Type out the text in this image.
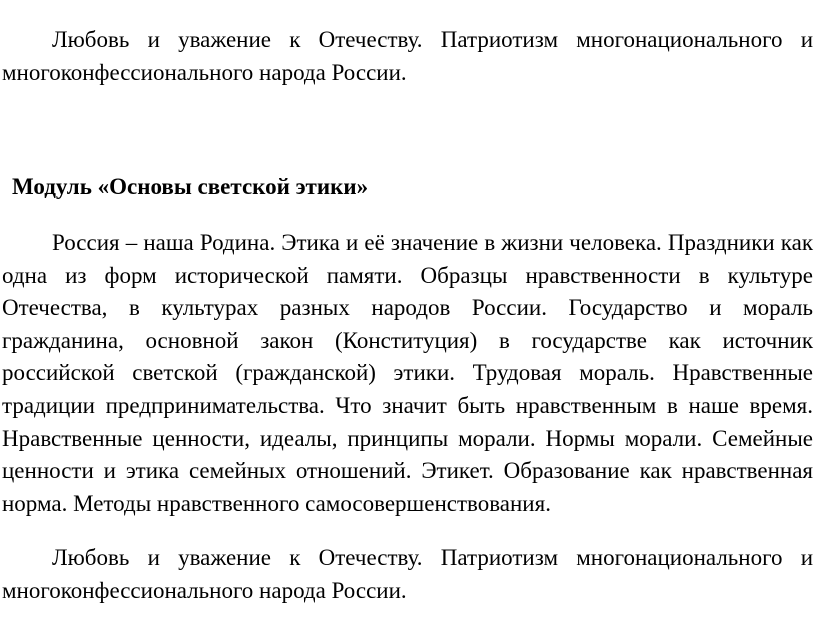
Любовь и уважение к Отечеству. Патриотизм многонационального и многоконфессионального народа России.

Модуль «Основы светской этики»

Россия – наша Родина. Этика и её значение в жизни человека. Праздники как одна из форм исторической памяти. Образцы нравственности в культуре Отечества, в культурах разных народов России. Государство и мораль гражданина, основной закон (Конституция) в государстве как источник российской светской (гражданской) этики. Трудовая мораль. Нравственные традиции предпринимательства. Что значит быть нравственным в наше время. Нравственные ценности, идеалы, принципы морали. Нормы морали. Семейные ценности и этика семейных отношений. Этикет. Образование как нравственная норма. Методы нравственного самосовершенствования.

Любовь и уважение к Отечеству. Патриотизм многонационального и многоконфессионального народа России.
